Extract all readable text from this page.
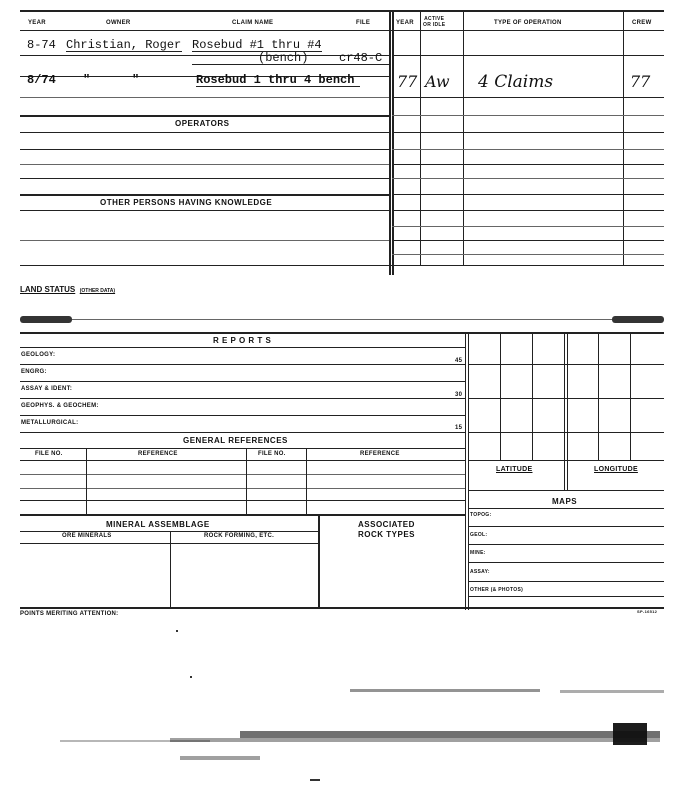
YEAR	OWNER	CLAIM NAME	FILE	YEAR
ACTIVE
OR IDLE	TYPE OF OPERATION	CREW
8-74 Christian, Roger Rosebud #1 thru #4
(bench)	cr48-C
8/74 "	"	Rosebud 1 thru 4 bench	77 Aw 4 Claims	77
OPERATORS
OTHER PERSONS HAVING KNOWLEDGE
LAND STATUS (OTHER DATA)
R E P O R T S
GEOLOGY:
45
ENGRG:
ASSAY & IDENT:
30
GEOPHYS. & GEOCHEM:
METALLURGICAL:
15
GENERAL REFERENCES
FILE NO.	REFERENCE	FILE NO.	REFERENCE
LATITUDE	LONGITUDE
MAPS
TOPOG:
GEOL:
MINE:
ASSAY:
OTHER (& PHOTOS)
MINERAL ASSEMBLAGE
ORE MINERALS	ROCK FORMING, ETC.
ASSOCIATED
ROCK TYPES
POINTS MERITING ATTENTION:	SP-16512
